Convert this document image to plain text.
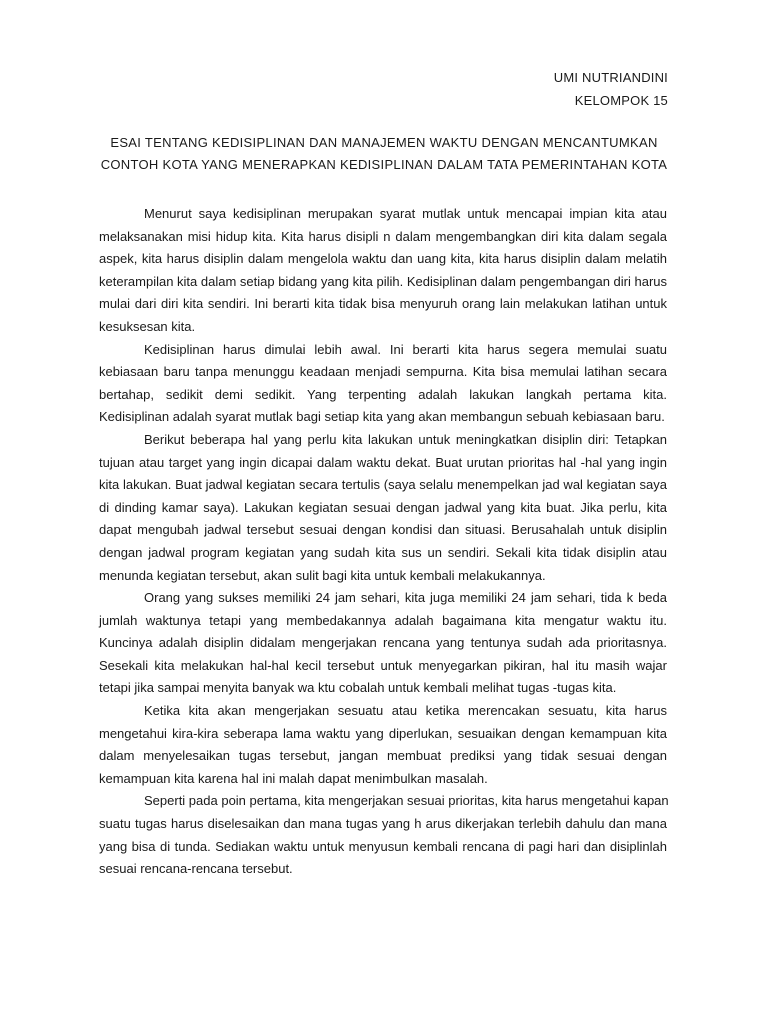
UMI NUTRIANDINI
KELOMPOK 15
ESAI TENTANG KEDISIPLINAN DAN MANAJEMEN WAKTU DENGAN MENCANTUMKAN
CONTOH KOTA YANG MENERAPKAN KEDISIPLINAN DALAM TATA PEMERINTAHAN KOTA
Menurut saya kedisiplinan merupakan syarat mutlak untuk mencapai impian kita atau
melaksanakan misi hidup kita. Kita harus disipli n dalam mengembangkan diri kita dalam segala
aspek, kita harus disiplin dalam mengelola waktu dan uang kita, kita harus disiplin dalam melatih
keterampilan kita dalam setiap bidang yang kita pilih. Kedisiplinan dalam pengembangan diri harus
mulai dari diri kita sendiri. Ini berarti kita tidak bisa menyuruh orang lain melakukan latihan untuk
kesuksesan kita.
Kedisiplinan harus dimulai lebih awal. Ini berarti kita harus segera memulai suatu
kebiasaan baru tanpa menunggu keadaan menjadi sempurna. Kita bisa memulai latihan secara
bertahap, sedikit demi sedikit. Yang terpenting adalah lakukan langkah pertama kita.
Kedisiplinan adalah syarat mutlak bagi setiap kita yang akan membangun sebuah kebiasaan baru.
Berikut beberapa hal yang perlu kita lakukan untuk meningkatkan disiplin diri: Tetapkan
tujuan atau target yang ingin dicapai dalam waktu dekat. Buat urutan prioritas hal -hal yang ingin
kita lakukan. Buat jadwal kegiatan secara tertulis (saya selalu menempelkan jad wal kegiatan saya
di dinding kamar saya). Lakukan kegiatan sesuai dengan jadwal yang kita buat. Jika perlu, kita
dapat mengubah jadwal tersebut sesuai dengan kondisi dan situasi. Berusahalah untuk disiplin
dengan jadwal program kegiatan yang sudah kita sus un sendiri. Sekali kita tidak disiplin atau
menunda kegiatan tersebut, akan sulit bagi kita untuk kembali melakukannya.
Orang yang sukses memiliki 24 jam sehari, kita juga memiliki 24 jam sehari, tida k beda
jumlah waktunya tetapi yang membedakannya adalah bagaimana kita mengatur waktu itu.
Kuncinya adalah disiplin didalam mengerjakan rencana yang tentunya sudah ada prioritasnya.
Sesekali kita melakukan hal-hal kecil tersebut untuk menyegarkan pikiran, hal itu masih wajar
tetapi jika sampai menyita banyak wa ktu cobalah untuk kembali melihat tugas -tugas kita.
Ketika kita akan mengerjakan sesuatu atau ketika merencakan sesuatu, kita harus
mengetahui kira-kira seberapa lama waktu yang diperlukan, sesuaikan dengan kemampuan kita
dalam menyelesaikan tugas tersebut, jangan membuat prediksi yang tidak sesuai dengan
kemampuan kita karena hal ini malah dapat menimbulkan masalah.
Seperti pada poin pertama, kita mengerjakan sesuai prioritas, kita harus mengetahui kapan
suatu tugas harus diselesaikan dan mana tugas yang h arus dikerjakan terlebih dahulu dan mana
yang bisa di tunda. Sediakan waktu untuk menyusun kembali rencana di pagi hari dan disiplinlah
sesuai rencana-rencana tersebut.
